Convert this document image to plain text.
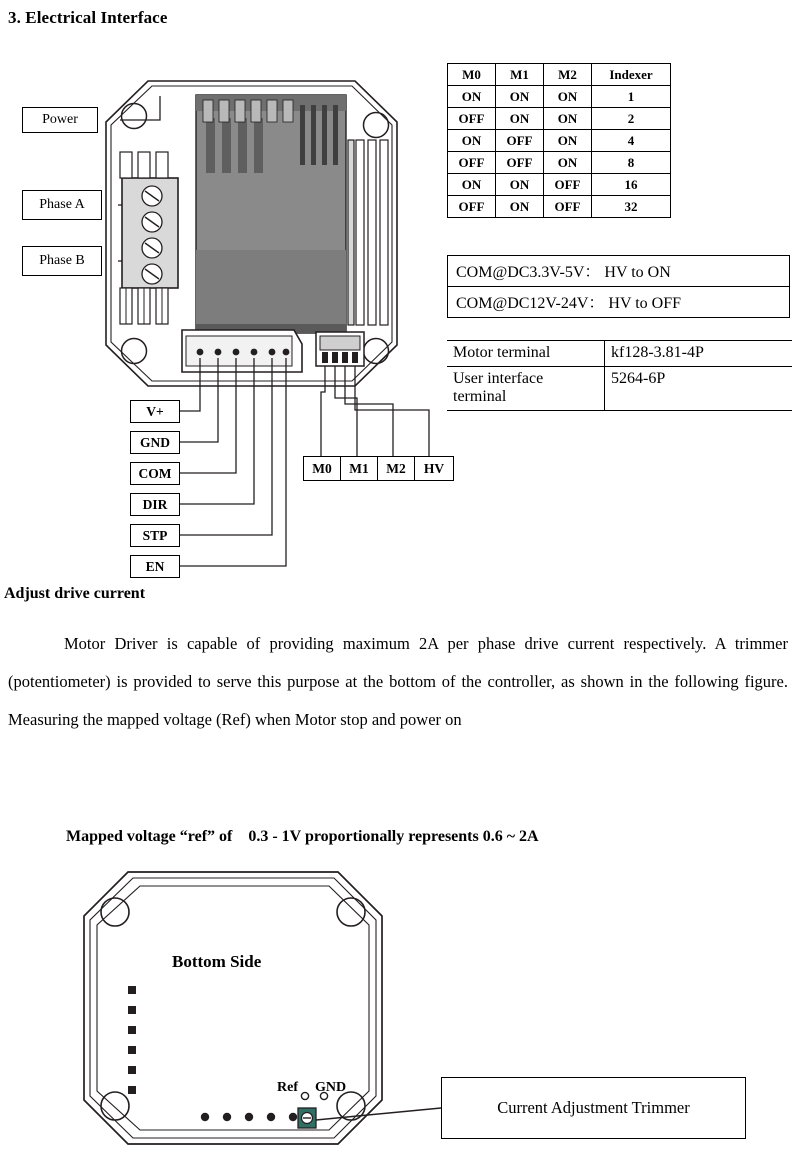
3. Electrical Interface
Power
Phase A
Phase B
V+
GND
COM
DIR
STP
EN
M0	M1	M2	HV
M0	M1	M2	Indexer
ON	ON	ON	1
OFF	ON	ON	2
ON	OFF	ON	4
OFF	OFF	ON	8
ON	ON	OFF	16
OFF	ON	OFF	32
COM@DC3.3V-5V： HV to ON
COM@DC12V-24V： HV to OFF
Motor terminal	kf128-3.81-4P

User interface
terminal	5264-6P
Adjust drive current
Motor Driver is capable of providing maximum 2A per phase drive current respectively. A trimmer (potentiometer) is provided to serve this purpose at the bottom of the controller, as shown in the following figure. Measuring the mapped voltage (Ref) when Motor stop and power on
Mapped voltage “ref” of    0.3 - 1V proportionally represents 0.6 ~ 2A
Bottom Side
Ref GND
Current Adjustment Trimmer
